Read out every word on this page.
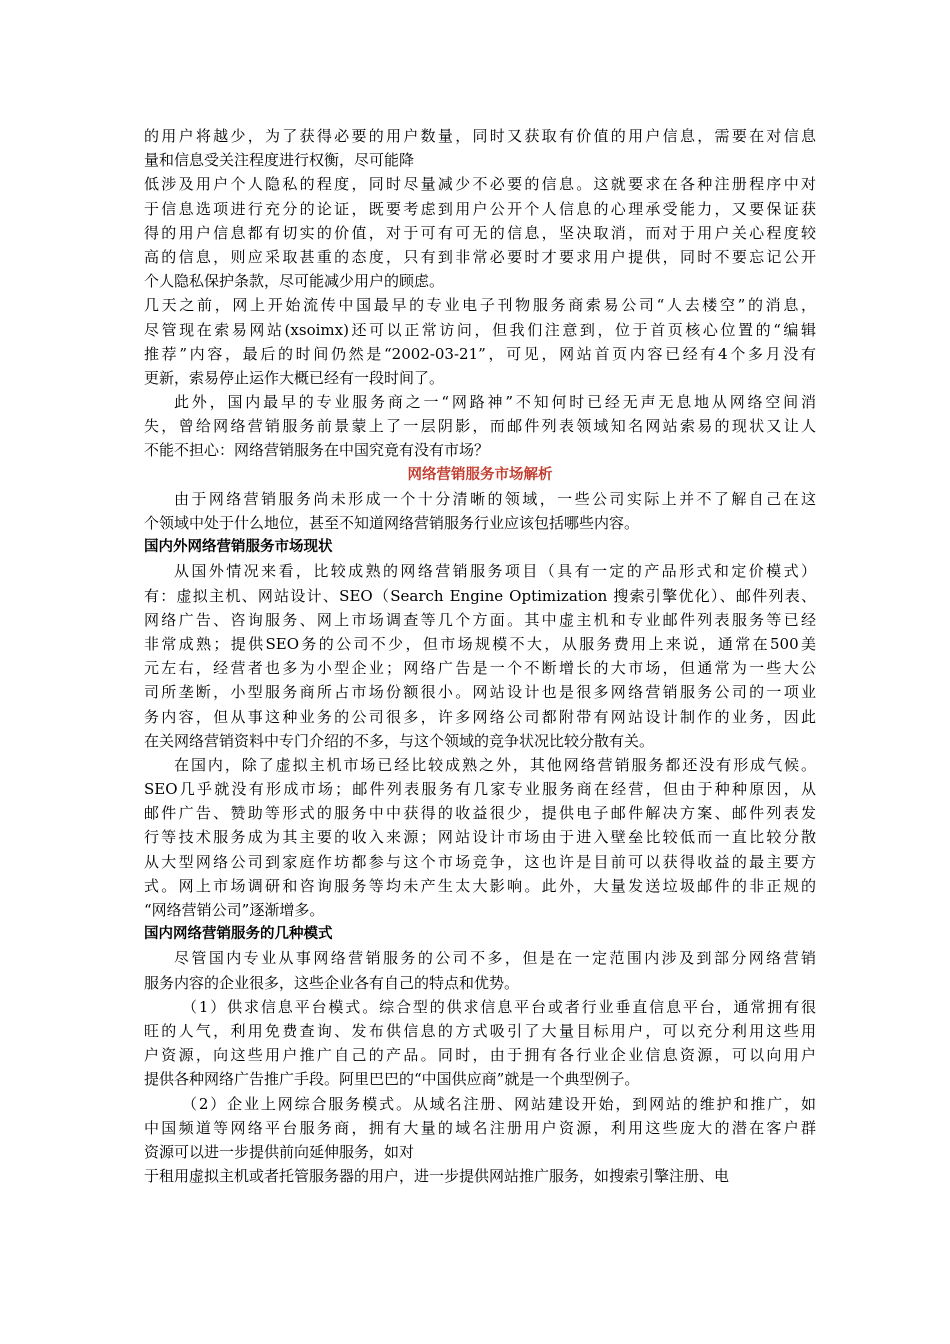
的用户将越少，为了获得必要的用户数量，同时又获取有价值的用户信息，需要在对信息
量和信息受关注程度进行权衡，尽可能降
低涉及用户个人隐私的程度，同时尽量减少不必要的信息。这就要求在各种注册程序中对
于信息选项进行充分的论证，既要考虑到用户公开个人信息的心理承受能力，又要保证获
得的用户信息都有切实的价值，对于可有可无的信息，坚决取消，而对于用户关心程度较
高的信息，则应采取甚重的态度，只有到非常必要时才要求用户提供，同时不要忘记公开
个人隐私保护条款，尽可能减少用户的顾虑。
几天之前，网上开始流传中国最早的专业电子刊物服务商索易公司“人去楼空”的消息，
尽管现在索易网站(xsoimx)还可以正常访问，但我们注意到，位于首页核心位置的“编辑
推荐”内容，最后的时间仍然是“2002-03-21”，可见，网站首页内容已经有4个多月没有
更新，索易停止运作大概已经有一段时间了。
此外，国内最早的专业服务商之一“网路神”不知何时已经无声无息地从网络空间消
失，曾给网络营销服务前景蒙上了一层阴影，而邮件列表领域知名网站索易的现状又让人
不能不担心：网络营销服务在中国究竟有没有市场？
网络营销服务市场解析
由于网络营销服务尚未形成一个十分清晰的领域，一些公司实际上并不了解自己在这
个领域中处于什么地位，甚至不知道网络营销服务行业应该包括哪些内容。
国内外网络营销服务市场现状
从国外情况来看，比较成熟的网络营销服务项目（具有一定的产品形式和定价模式）
有：虚拟主机、网站设计、SEO（Search Engine Optimization 搜索引擎优化）、邮件列表、
网络广告、咨询服务、网上市场调查等几个方面。其中虚主机和专业邮件列表服务等已经
非常成熟；提供SEO务的公司不少，但市场规模不大，从服务费用上来说，通常在500美
元左右，经营者也多为小型企业；网络广告是一个不断增长的大市场，但通常为一些大公
司所垄断，小型服务商所占市场份额很小。网站设计也是很多网络营销服务公司的一项业
务内容，但从事这种业务的公司很多，许多网络公司都附带有网站设计制作的业务，因此
在关网络营销资料中专门介绍的不多，与这个领域的竞争状况比较分散有关。
在国内，除了虚拟主机市场已经比较成熟之外，其他网络营销服务都还没有形成气候。
SEO几乎就没有形成市场；邮件列表服务有几家专业服务商在经营，但由于种种原因，从
邮件广告、赞助等形式的服务中中获得的收益很少，提供电子邮件解决方案、邮件列表发
行等技术服务成为其主要的收入来源；网站设计市场由于进入壁垒比较低而一直比较分散
从大型网络公司到家庭作坊都参与这个市场竞争，这也许是目前可以获得收益的最主要方
式。网上市场调研和咨询服务等均未产生太大影响。此外，大量发送垃圾邮件的非正规的
“网络营销公司”逐渐增多。
国内网络营销服务的几种模式
尽管国内专业从事网络营销服务的公司不多，但是在一定范围内涉及到部分网络营销
服务内容的企业很多，这些企业各有自己的特点和优势。
（1）供求信息平台模式。综合型的供求信息平台或者行业垂直信息平台，通常拥有很
旺的人气，利用免费查询、发布供信息的方式吸引了大量目标用户，可以充分利用这些用
户资源，向这些用户推广自己的产品。同时，由于拥有各行业企业信息资源，可以向用户
提供各种网络广告推广手段。阿里巴巴的“中国供应商”就是一个典型例子。
（2）企业上网综合服务模式。从域名注册、网站建设开始，到网站的维护和推广，如
中国频道等网络平台服务商，拥有大量的域名注册用户资源，利用这些庞大的潜在客户群
资源可以进一步提供前向延伸服务，如对
于租用虚拟主机或者托管服务器的用户，进一步提供网站推广服务，如搜索引擎注册、电
